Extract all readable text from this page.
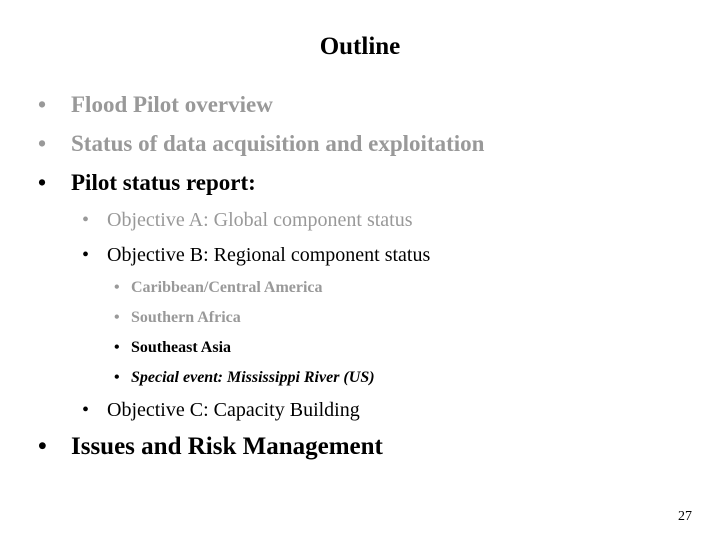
Outline
• Flood Pilot overview
• Status of data acquisition and exploitation
• Pilot status report:
• Objective A: Global component status
• Objective B: Regional component status
• Caribbean/Central America
• Southern Africa
• Southeast Asia
• Special event: Mississippi River (US)
• Objective C: Capacity Building
• Issues and Risk Management
27
